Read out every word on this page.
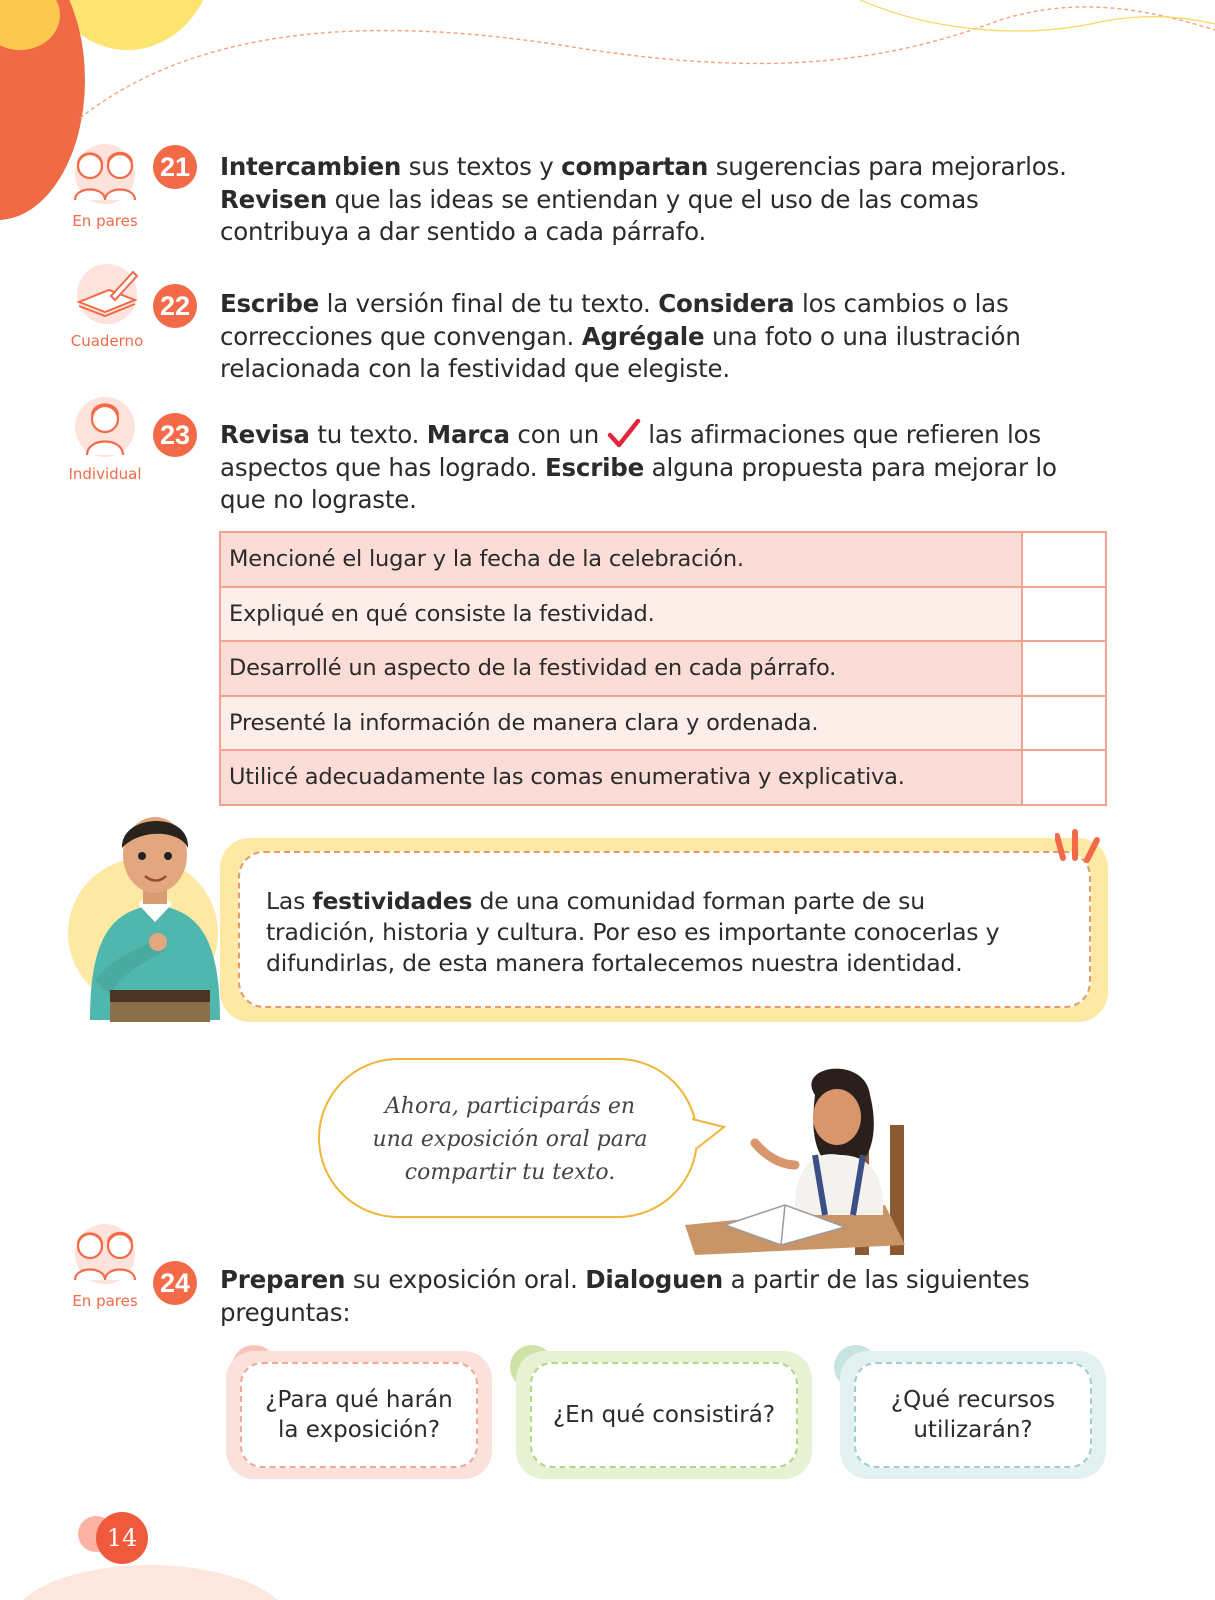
En pares
21 Intercambien sus textos y compartan sugerencias para mejorarlos.
Revisen que las ideas se entiendan y que el uso de las comas
contribuya a dar sentido a cada párrafo.
Cuaderno
22 Escribe la versión final de tu texto. Considera los cambios o las
correcciones que convengan. Agrégale una foto o una ilustración
relacionada con la festividad que elegiste.
Individual
23 Revisa tu texto. Marca con un  las afirmaciones que refieren los
aspectos que has logrado. Escribe alguna propuesta para mejorar lo
que no lograste.
Mencioné el lugar y la fecha de la celebración.	
Expliqué en qué consiste la festividad.	
Desarrollé un aspecto de la festividad en cada párrafo.	
Presenté la información de manera clara y ordenada.	
Utilicé adecuadamente las comas enumerativa y explicativa.	
Las festividades de una comunidad forman parte de su
tradición, historia y cultura. Por eso es importante conocerlas y
difundirlas, de esta manera fortalecemos nuestra identidad.
Ahora, participarás en
una exposición oral para
compartir tu texto.
En pares
24 Preparen su exposición oral. Dialoguen a partir de las siguientes
preguntas:
¿Para qué harán
la exposición?
¿En qué consistirá?
¿Qué recursos
utilizarán?
14
